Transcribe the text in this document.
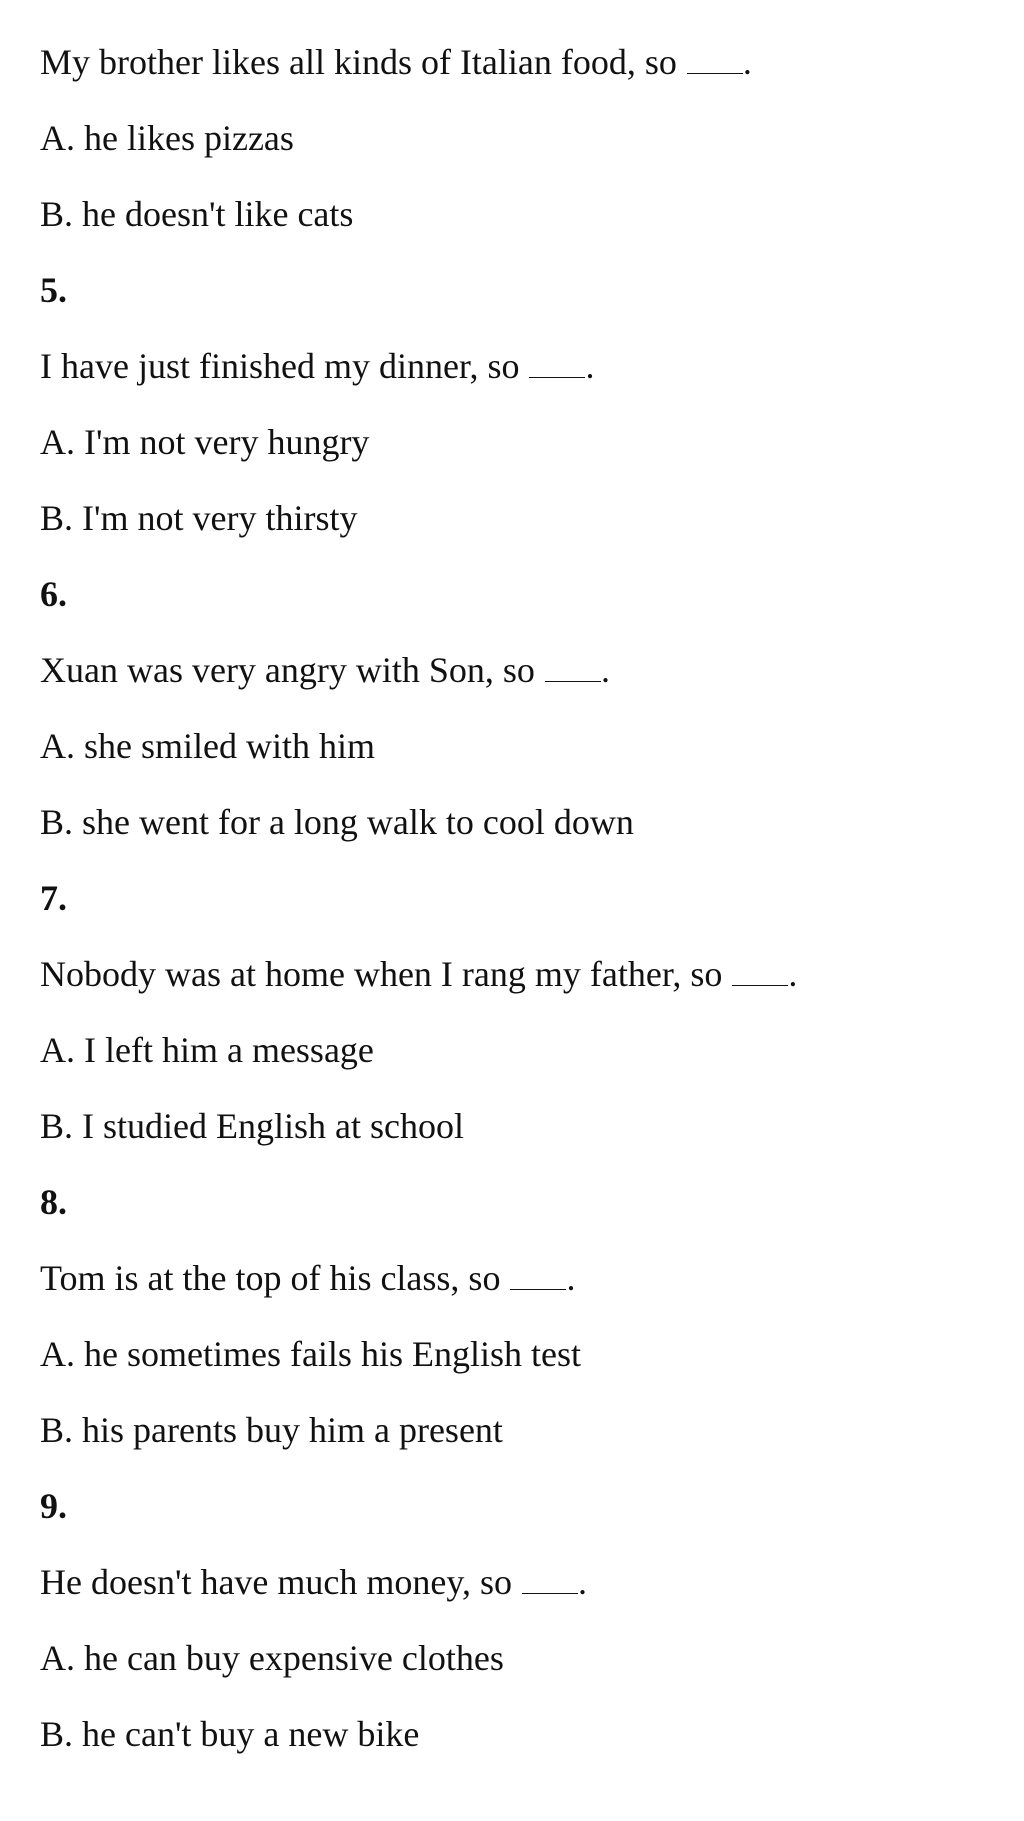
My brother likes all kinds of Italian food, so .

A. he likes pizzas

B. he doesn't like cats

5.

I have just finished my dinner, so .

A. I'm not very hungry

B. I'm not very thirsty

6.

Xuan was very angry with Son, so .

A. she smiled with him

B. she went for a long walk to cool down

7.

Nobody was at home when I rang my father, so .

A. I left him a message

B. I studied English at school

8.

Tom is at the top of his class, so .

A. he sometimes fails his English test

B. his parents buy him a present

9.

He doesn't have much money, so .

A. he can buy expensive clothes

B. he can't buy a new bike
